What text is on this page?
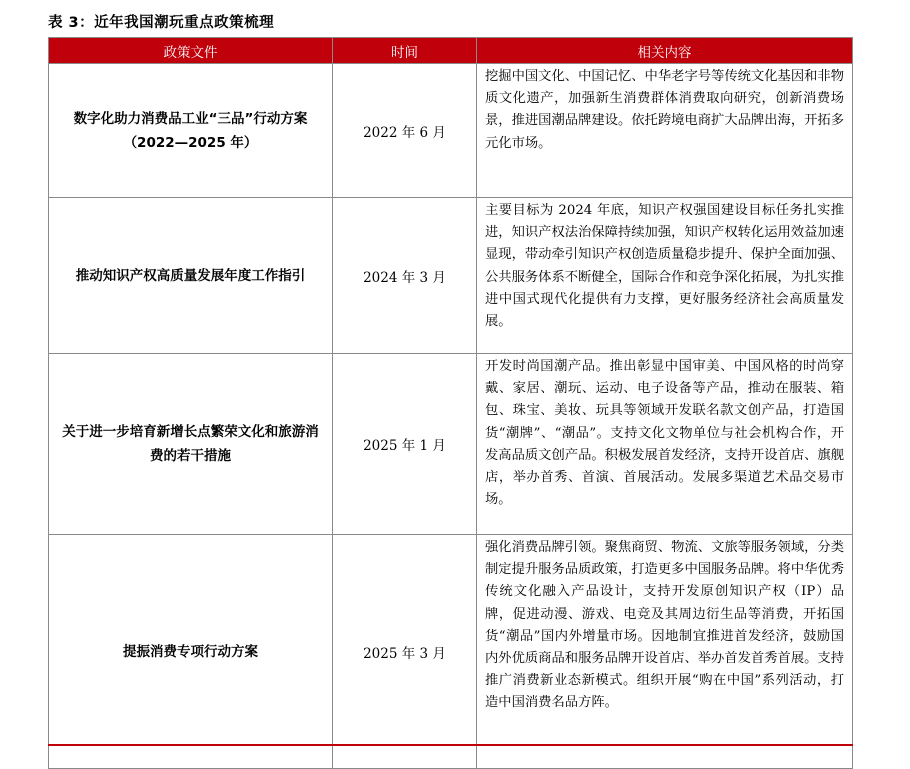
表 3：近年我国潮玩重点政策梳理
政策文件	时间	相关内容
数字化助力消费品工业“三品”行动方案（2022—2025 年）	2022 年 6 月	挖掘中国文化、中国记忆、中华老字号等传统文化基因和非物质文化遗产，加强新生消费群体消费取向研究，创新消费场景，推进国潮品牌建设。依托跨境电商扩大品牌出海，开拓多元化市场。
推动知识产权高质量发展年度工作指引	2024 年 3 月	主要目标为 2024 年底，知识产权强国建设目标任务扎实推进，知识产权法治保障持续加强，知识产权转化运用效益加速显现，带动牵引知识产权创造质量稳步提升、保护全面加强、公共服务体系不断健全，国际合作和竞争深化拓展，为扎实推进中国式现代化提供有力支撑，更好服务经济社会高质量发展。
关于进一步培育新增长点繁荣文化和旅游消费的若干措施	2025 年 1 月	开发时尚国潮产品。推出彰显中国审美、中国风格的时尚穿戴、家居、潮玩、运动、电子设备等产品，推动在服装、箱包、珠宝、美妆、玩具等领域开发联名款文创产品，打造国货“潮牌”、“潮品”。支持文化文物单位与社会机构合作，开发高品质文创产品。积极发展首发经济，支持开设首店、旗舰店，举办首秀、首演、首展活动。发展多渠道艺术品交易市场。
提振消费专项行动方案	2025 年 3 月	强化消费品牌引领。聚焦商贸、物流、文旅等服务领域，分类制定提升服务品质政策，打造更多中国服务品牌。将中华优秀传统文化融入产品设计，支持开发原创知识产权（IP）品牌，促进动漫、游戏、电竞及其周边衍生品等消费，开拓国货“潮品”国内外增量市场。因地制宜推进首发经济，鼓励国内外优质商品和服务品牌开设首店、举办首发首秀首展。支持推广消费新业态新模式。组织开展“购在中国”系列活动，打造中国消费名品方阵。
